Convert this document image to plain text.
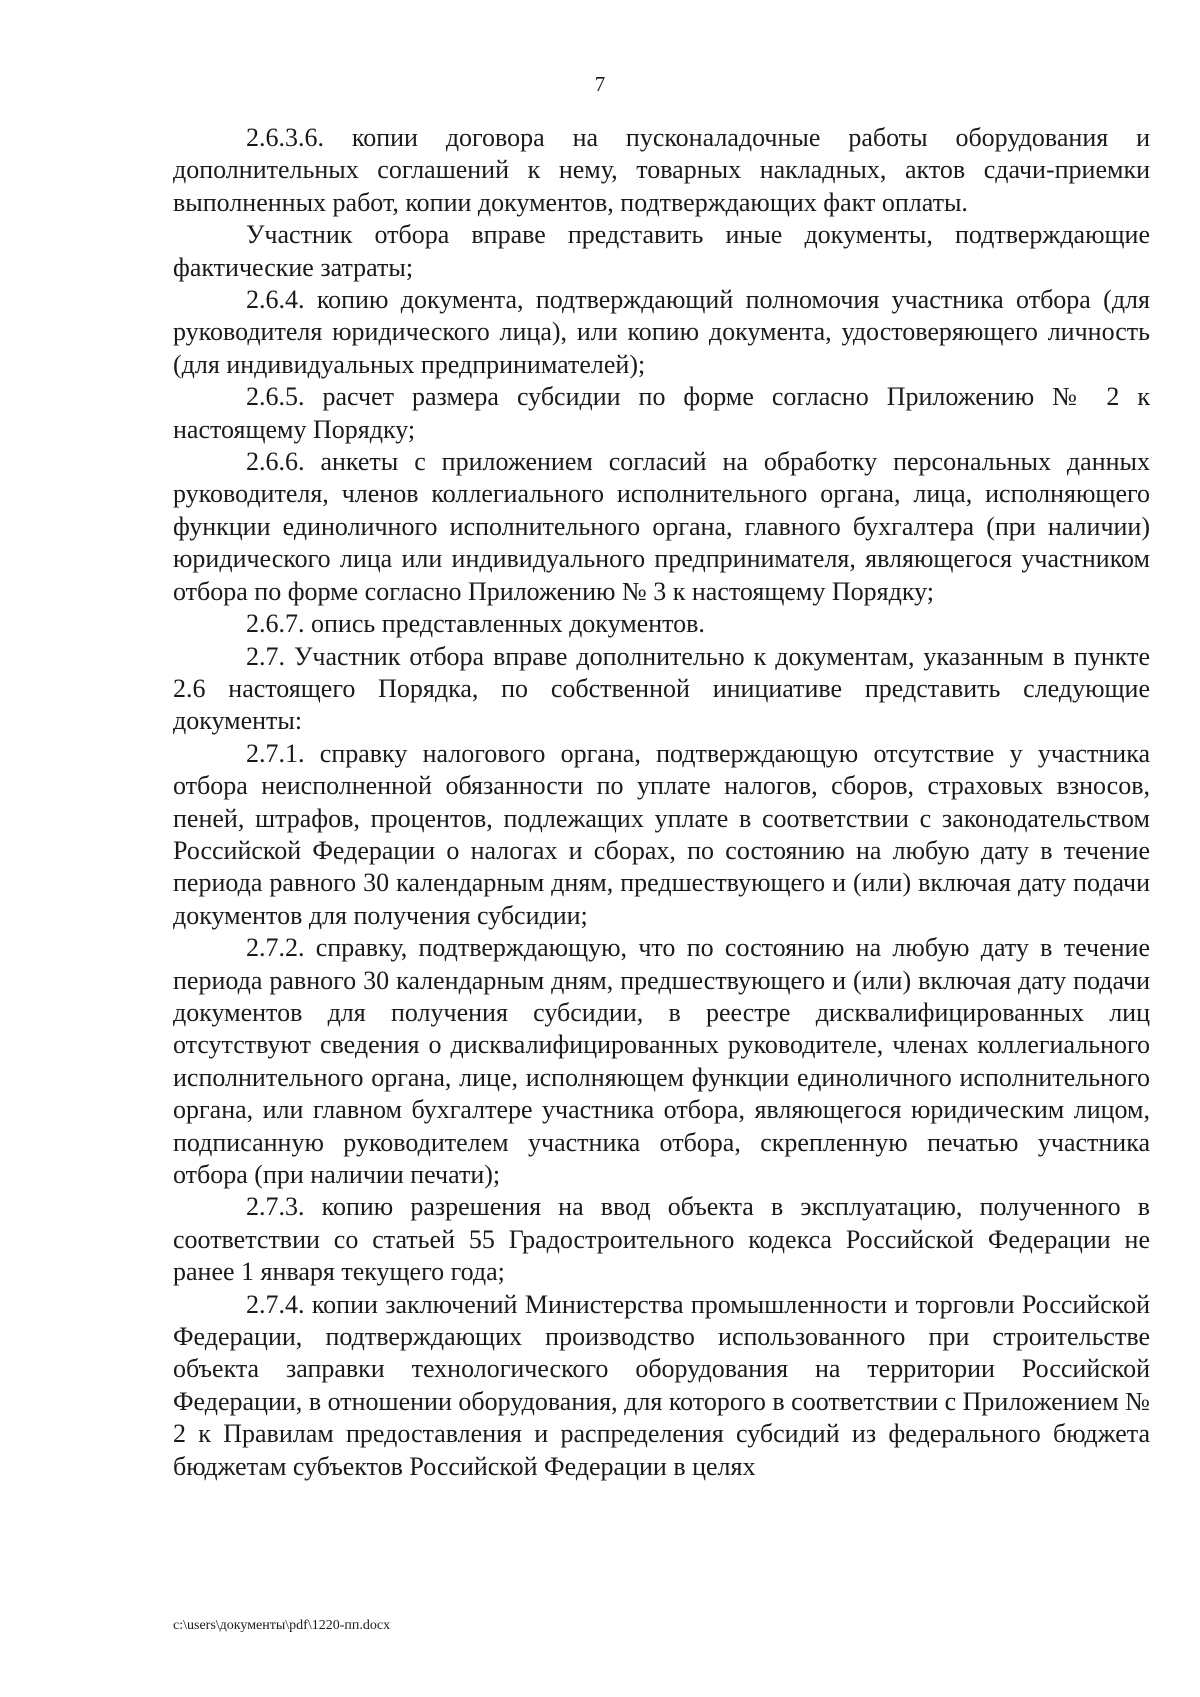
7

2.6.3.6. копии договора на пусконаладочные работы оборудования и дополнительных соглашений к нему, товарных накладных, актов сдачи-приемки выполненных работ, копии документов, подтверждающих факт оплаты.

Участник отбора вправе представить иные документы, подтверждающие фактические затраты;

2.6.4. копию документа, подтверждающий полномочия участника отбора (для руководителя юридического лица), или копию документа, удостоверяющего личность (для индивидуальных предпринимателей);

2.6.5. расчет размера субсидии по форме согласно Приложению № 2 к настоящему Порядку;

2.6.6. анкеты с приложением согласий на обработку персональных данных руководителя, членов коллегиального исполнительного органа, лица, исполняющего функции единоличного исполнительного органа, главного бухгалтера (при наличии) юридического лица или индивидуального предпринимателя, являющегося участником отбора по форме согласно Приложению № 3 к настоящему Порядку;

2.6.7. опись представленных документов.

2.7. Участник отбора вправе дополнительно к документам, указанным в пункте 2.6 настоящего Порядка, по собственной инициативе представить следующие документы:

2.7.1. справку налогового органа, подтверждающую отсутствие у участника отбора неисполненной обязанности по уплате налогов, сборов, страховых взносов, пеней, штрафов, процентов, подлежащих уплате в соответствии с законодательством Российской Федерации о налогах и сборах, по состоянию на любую дату в течение периода равного 30 календарным дням, предшествующего и (или) включая дату подачи документов для получения субсидии;

2.7.2. справку, подтверждающую, что по состоянию на любую дату в течение периода равного 30 календарным дням, предшествующего и (или) включая дату подачи документов для получения субсидии, в реестре дисквалифицированных лиц отсутствуют сведения о дисквалифицированных руководителе, членах коллегиального исполнительного органа, лице, исполняющем функции единоличного исполнительного органа, или главном бухгалтере участника отбора, являющегося юридическим лицом, подписанную руководителем участника отбора, скрепленную печатью участника отбора (при наличии печати);

2.7.3. копию разрешения на ввод объекта в эксплуатацию, полученного в соответствии со статьей 55 Градостроительного кодекса Российской Федерации не ранее 1 января текущего года;

2.7.4. копии заключений Министерства промышленности и торговли Российской Федерации, подтверждающих производство использованного при строительстве объекта заправки технологического оборудования на территории Российской Федерации, в отношении оборудования, для которого в соответствии с Приложением № 2 к Правилам предоставления и распределения субсидий из федерального бюджета бюджетам субъектов Российской Федерации в целях

c:\users\документы\pdf\1220-пп.docx
